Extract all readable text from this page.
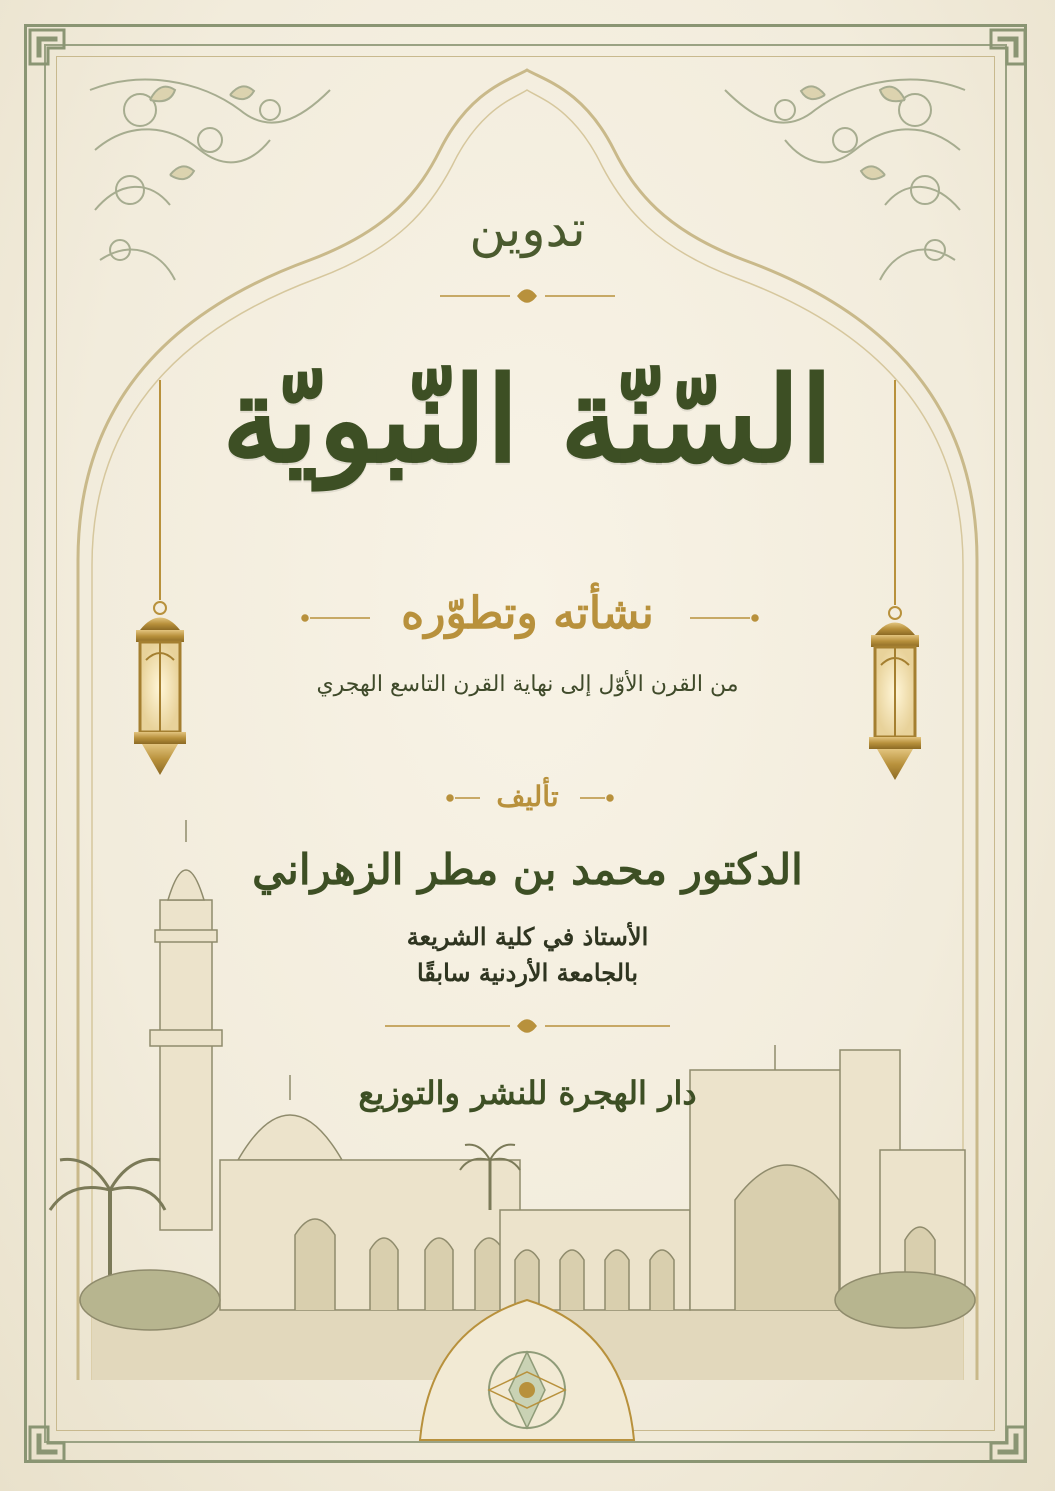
تدوين
السّنّة النّبويّة
نشأته وتطوّره
من القرن الأوّل إلى نهاية القرن التاسع الهجري
تأليف
الدكتور محمد بن مطر الزهراني
الأستاذ في كلية الشريعة
بالجامعة الأردنية سابقًا
دار الهجرة للنشر والتوزيع
